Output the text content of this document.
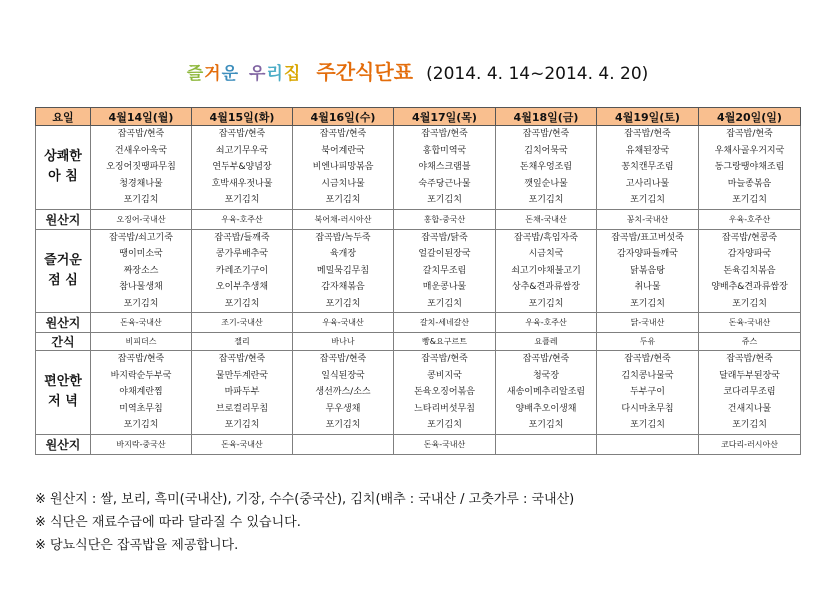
즐거운 우리집 주간식단표 (2014. 4. 14~2014. 4. 20)
요일	4월14일(월)	4월15일(화)	4월16일(수)	4월17일(목)	4월18일(금)	4월19일(토)	4월20일(일)

상쾌한
아 침	잡곡밥/현죽
건새우아욱국
오징어짓땡파무침
청경채나물
포기김치	잡곡밥/현죽
쇠고기무우국
연두부&양념장
호박새우젓나물
포기김치	잡곡밥/현죽
북어계란국
비엔나피망볶음
시금치나물
포기김치	잡곡밥/현죽
홍합미역국
야채스크램블
숙주당근나물
포기김치	잡곡밥/현죽
김치어묵국
돈채우엉조림
깻잎순나물
포기김치	잡곡밥/현죽
유채된장국
꽁치캔무조림
고사리나물
포기김치	잡곡밥/현죽
우채사골우거지국
동그랑땡야채조림
마늘종볶음
포기김치

원산지	오징어-국내산	우육-호주산	북어채-러시아산	홍합-중국산	돈채-국내산	꽁치-국내산	우육-호주산

즐거운
점 심	잡곡밥/쇠고기죽
땡이미소국
짜장소스
참나물생채
포기김치	잡곡밥/들깨죽
콩가루배추국
카레조기구이
오이부추생채
포기김치	잡곡밥/녹두죽
육개장
메밀묵김무침
감자채볶음
포기김치	잡곡밥/닭죽
얼갈이된장국
갈치무조림
매운콩나물
포기김치	잡곡밥/흑임자죽
시금치국
쇠고기야채불고기
상추&견과류쌈장
포기김치	잡곡밥/표고버섯죽
감자양파들깨국
닭볶음탕
취나물
포기김치	잡곡밥/현콩죽
감자양파국
돈육김치볶음
양배추&견과류쌈장
포기김치

원산지	돈육-국내산	조기-국내산	우육-국내산	갈치-세네갈산	우육-호주산	닭-국내산	돈육-국내산
간식	비피더스	젤리	바나나	빵&요구르트	요플레	두유	쥬스

편안한
저 녁	잡곡밥/현죽
바지락순두부국
야채계란찜
미역초무침
포기김치	잡곡밥/현죽
물만두계란국
마파두부
브로컬리무침
포기김치	잡곡밥/현죽
일식된장국
생선까스/소스
무우생채
포기김치	잡곡밥/현죽
콩비지국
돈육오징어볶음
느타리버섯무침
포기김치	잡곡밥/현죽
청국장
새송이메추리알조림
양배추오이생채
포기김치	잡곡밥/현죽
김치콩나물국
두부구이
다시마초무침
포기김치	잡곡밥/현죽
달래두부된장국
코다리무조림
건새지나물
포기김치

원산지	바지락-중국산	돈육-국내산		돈육-국내산			코다리-러시아산
※ 원산지 : 쌀, 보리, 흑미(국내산), 기장, 수수(중국산), 김치(배추 : 국내산 / 고춧가루 : 국내산)
※ 식단은 재료수급에 따라 달라질 수 있습니다.
※ 당뇨식단은 잡곡밥을 제공합니다.
